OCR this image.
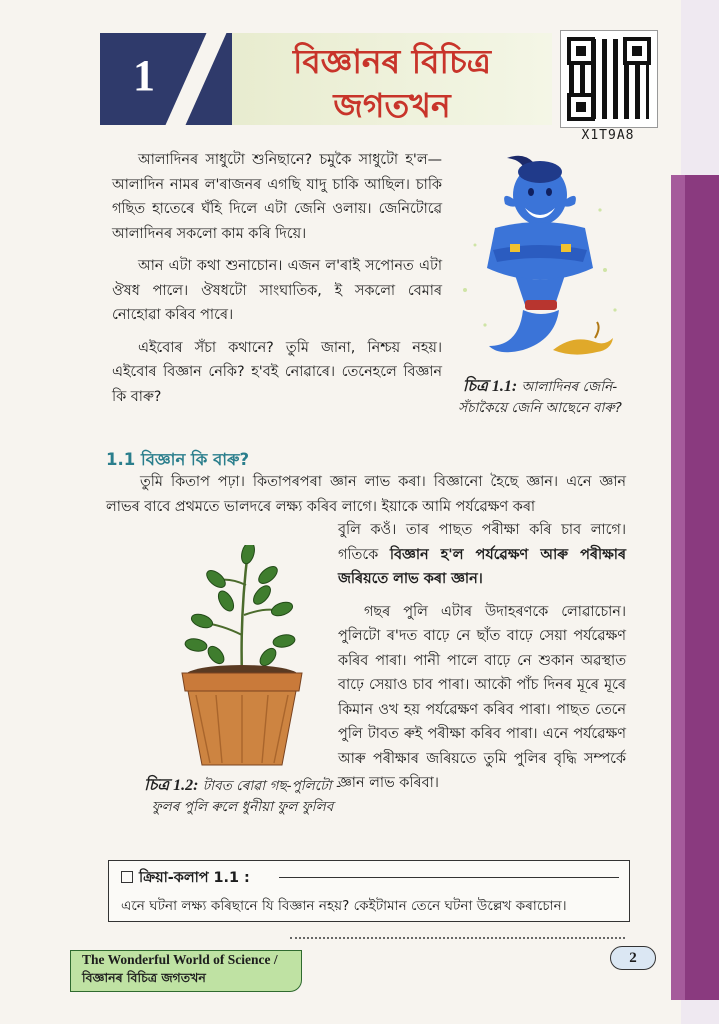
1	বিজ্ঞানৰ বিচিত্ৰ
জগতখন
X1T9A8

আলাদিনৰ সাধুটো শুনিছানে? চমুকৈ সাধুটো হ'ল—আলাদিন নামৰ ল'ৰাজনৰ এগছি যাদু চাকি আছিল। চাকি গছিত হাতেৰে ঘঁহি দিলে এটা জেনি ওলায়। জেনিটোৱে আলাদিনৰ সকলো কাম কৰি দিয়ে।

আন এটা কথা শুনাচোন। এজন ল'ৰাই সপোনত এটা ঔষধ পালে। ঔষধটো সাংঘাতিক, ই সকলো বেমাৰ নোহোৱা কৰিব পাৰে।

এইবোৰ সঁচা কথানে? তুমি জানা, নিশ্চয় নহয়। এইবোৰ বিজ্ঞান নেকি? হ'বই নোৱাৰে। তেনেহলে বিজ্ঞান কি বাৰু?

চিত্ৰ 1.1: আলাদিনৰ জেনি- সঁচাকৈয়ে জেনি আছেনে বাৰু?
1.1 বিজ্ঞান কি বাৰু?

তুমি কিতাপ পঢ়া। কিতাপৰপৰা জ্ঞান লাভ কৰা। বিজ্ঞানো হৈছে জ্ঞান। এনে জ্ঞান লাভৰ বাবে প্ৰথমতে ভালদৰে লক্ষ্য কৰিব লাগে। ইয়াকে আমি পৰ্যৱেক্ষণ কৰা

বুলি কওঁ। তাৰ পাছত পৰীক্ষা কৰি চাব লাগে। গতিকে বিজ্ঞান হ'ল পৰ্যৱেক্ষণ আৰু পৰীক্ষাৰ জৰিয়তে লাভ কৰা জ্ঞান।

গছৰ পুলি এটাৰ উদাহৰণকে লোৱাচোন। পুলিটো ৰ'দত বাঢ়ে নে ছাঁত বাঢ়ে সেয়া পৰ্যৱেক্ষণ কৰিব পাৰা। পানী পালে বাঢ়ে নে শুকান অৱস্থাত বাঢ়ে সেয়াও চাব পাৰা। আকৌ পাঁচ দিনৰ মূৰে মূৰে কিমান ওখ হয় পৰ্যৱেক্ষণ কৰিব পাৰা। পাছত তেনে পুলি টাবত ৰুই পৰীক্ষা কৰিব পাৰা। এনে পৰ্যৱেক্ষণ আৰু পৰীক্ষাৰ জৰিয়তে তুমি পুলিৰ বৃদ্ধি সম্পৰ্কে জ্ঞান লাভ কৰিবা।

চিত্ৰ 1.2: টাবত ৰোৱা গছ-পুলিটো - ফুলৰ পুলি ৰুলে ধুনীয়া ফুল ফুলিব
ক্ৰিয়া-কলাপ 1.1 :
এনে ঘটনা লক্ষ্য কৰিছানে যি বিজ্ঞান নহয়? কেইটামান তেনে ঘটনা উল্লেখ কৰাচোন।
The Wonderful World of Science /
বিজ্ঞানৰ বিচিত্ৰ জগতখন
2
